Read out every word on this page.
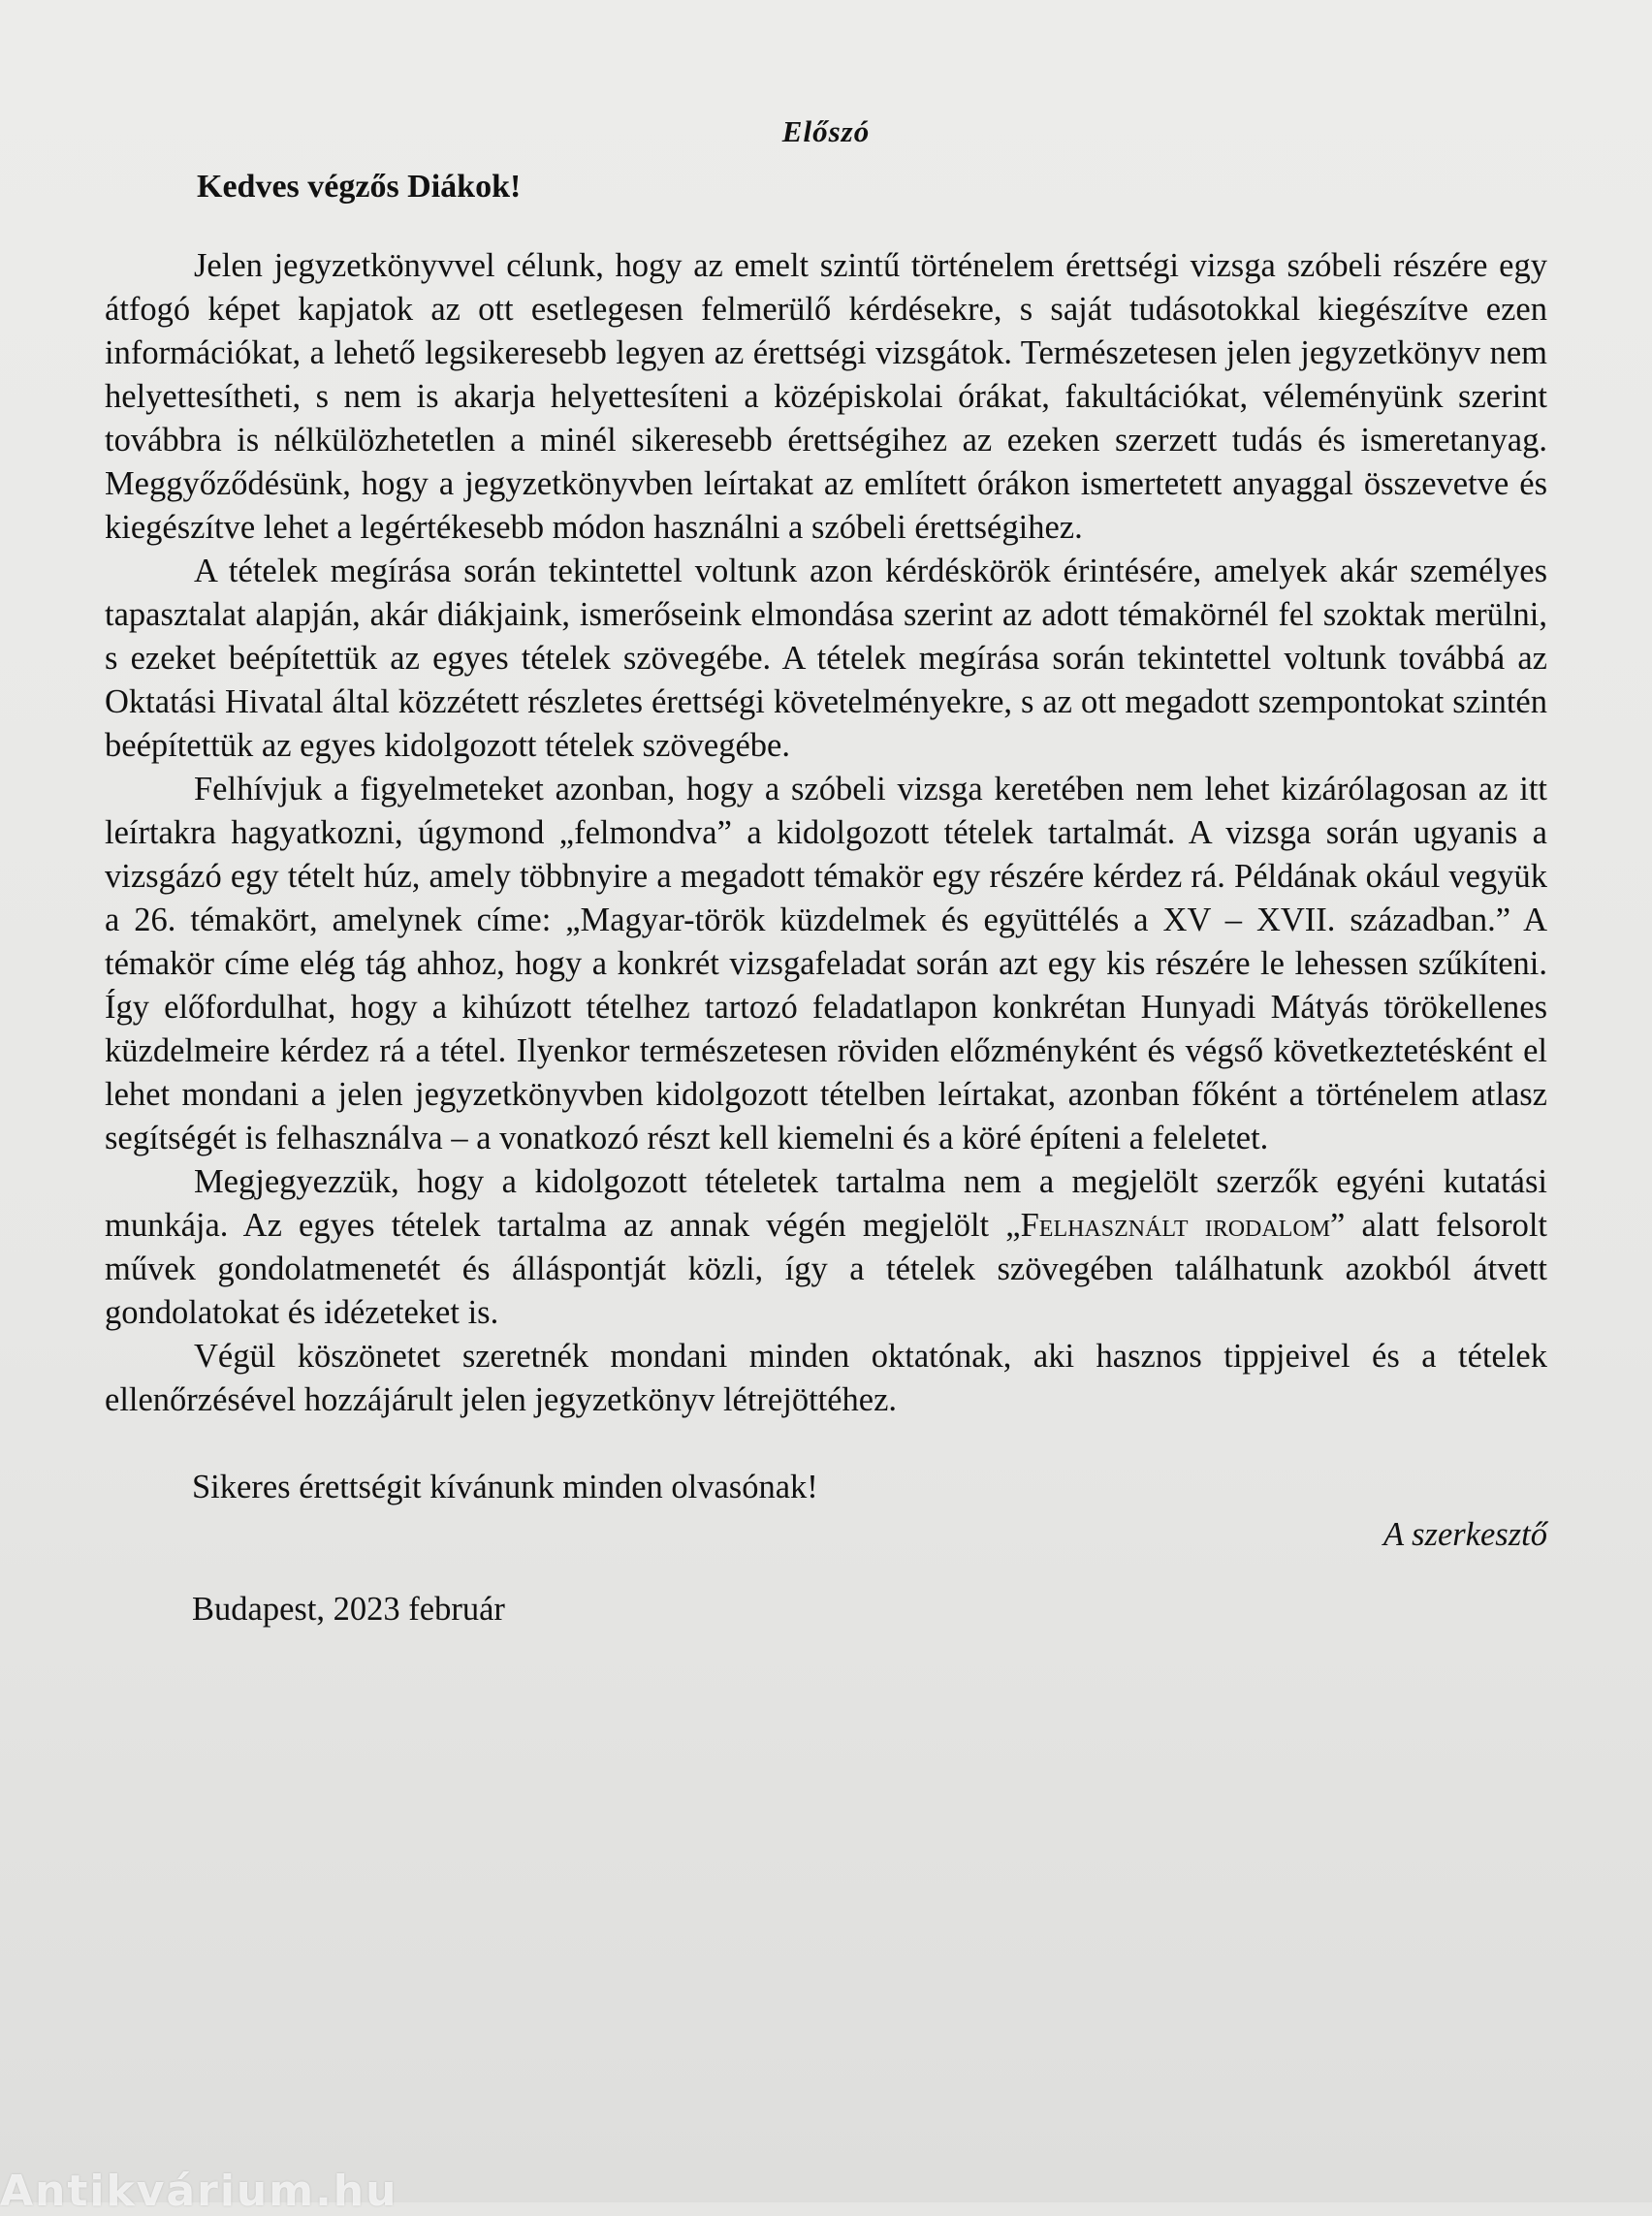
Előszó
Kedves végzős Diákok!

Jelen jegyzetkönyvvel célunk, hogy az emelt szintű történelem érettségi vizsga szóbeli részére egy átfogó képet kapjatok az ott esetlegesen felmerülő kérdésekre, s saját tudásotokkal kiegészítve ezen információkat, a lehető legsikeresebb legyen az érettségi vizsgátok. Természetesen jelen jegyzetkönyv nem helyettesítheti, s nem is akarja helyettesíteni a középiskolai órákat, fakultációkat, véleményünk szerint továbbra is nélkülözhetetlen a minél sikeresebb érettségihez az ezeken szerzett tudás és ismeretanyag. Meggyőződésünk, hogy a jegyzetkönyvben leírtakat az említett órákon ismertetett anyaggal összevetve és kiegészítve lehet a legértékesebb módon használni a szóbeli érettségihez.

A tételek megírása során tekintettel voltunk azon kérdéskörök érintésére, amelyek akár személyes tapasztalat alapján, akár diákjaink, ismerőseink elmondása szerint az adott témakörnél fel szoktak merülni, s ezeket beépítettük az egyes tételek szövegébe. A tételek megírása során tekintettel voltunk továbbá az Oktatási Hivatal által közzétett részletes érettségi követelményekre, s az ott megadott szempontokat szintén beépítettük az egyes kidolgozott tételek szövegébe.

Felhívjuk a figyelmeteket azonban, hogy a szóbeli vizsga keretében nem lehet kizárólagosan az itt leírtakra hagyatkozni, úgymond „felmondva” a kidolgozott tételek tartalmát. A vizsga során ugyanis a vizsgázó egy tételt húz, amely többnyire a megadott témakör egy részére kérdez rá. Példának okául vegyük a 26. témakört, amelynek címe: „Magyar-török küzdelmek és együttélés a XV – XVII. században.” A témakör címe elég tág ahhoz, hogy a konkrét vizsgafeladat során azt egy kis részére le lehessen szűkíteni. Így előfordulhat, hogy a kihúzott tételhez tartozó feladatlapon konkrétan Hunyadi Mátyás törökellenes küzdelmeire kérdez rá a tétel. Ilyenkor természetesen röviden előzményként és végső következtetésként el lehet mondani a jelen jegyzetkönyvben kidolgozott tételben leírtakat, azonban főként a történelem atlasz segítségét is felhasználva – a vonatkozó részt kell kiemelni és a köré építeni a feleletet.

Megjegyezzük, hogy a kidolgozott tételetek tartalma nem a megjelölt szerzők egyéni kutatási munkája. Az egyes tételek tartalma az annak végén megjelölt „Felhasznált irodalom” alatt felsorolt művek gondolatmenetét és álláspontját közli, így a tételek szövegében találhatunk azokból átvett gondolatokat és idézeteket is.

Végül köszönetet szeretnék mondani minden oktatónak, aki hasznos tippjeivel és a tételek ellenőrzésével hozzájárult jelen jegyzetkönyv létrejöttéhez.

Sikeres érettségit kívánunk minden olvasónak!
A szerkesztő
Budapest, 2023 február
Antikvárium.hu
